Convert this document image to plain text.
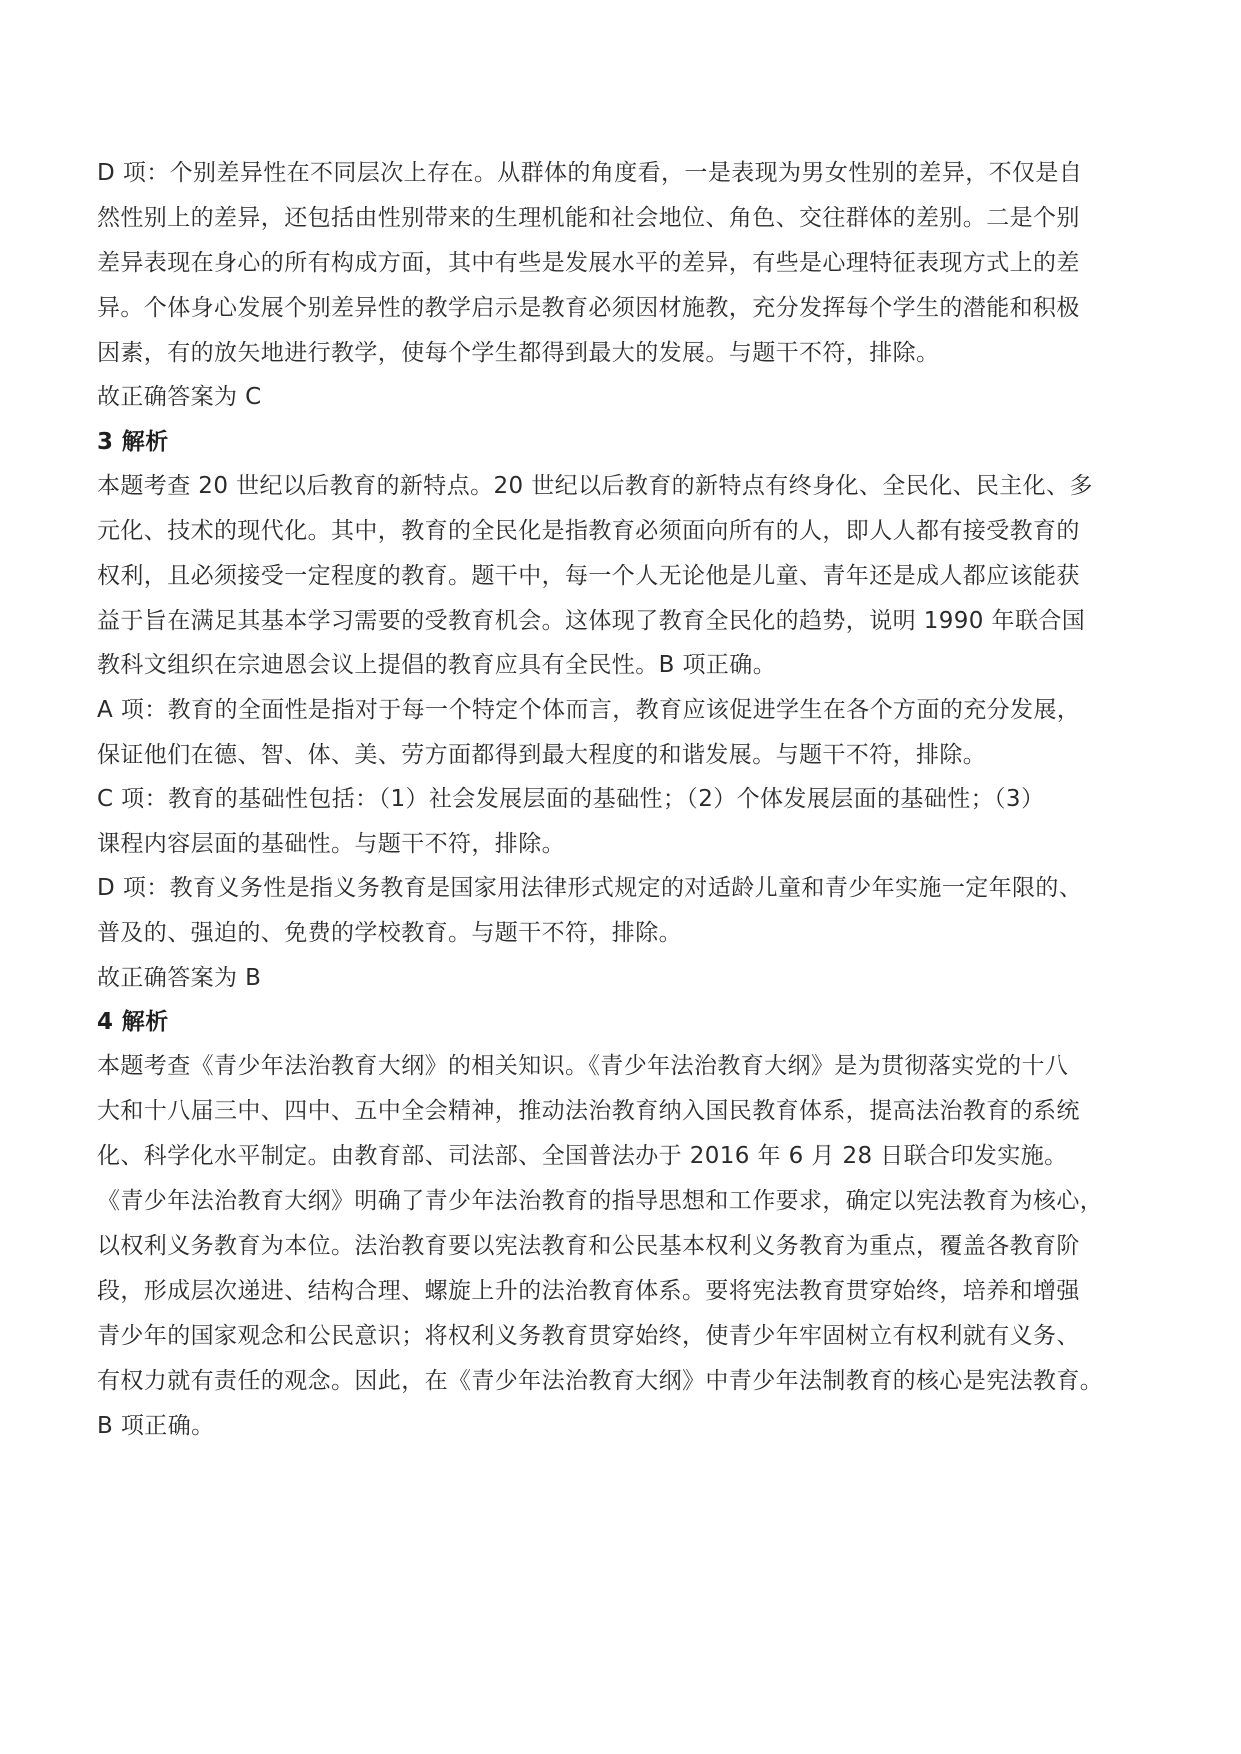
D 项：个别差异性在不同层次上存在。从群体的角度看，一是表现为男女性别的差异，不仅是自
然性别上的差异，还包括由性别带来的生理机能和社会地位、角色、交往群体的差别。二是个别
差异表现在身心的所有构成方面，其中有些是发展水平的差异，有些是心理特征表现方式上的差
异。个体身心发展个别差异性的教学启示是教育必须因材施教，充分发挥每个学生的潜能和积极
因素，有的放矢地进行教学，使每个学生都得到最大的发展。与题干不符，排除。
故正确答案为 C
3 解析
本题考查 20 世纪以后教育的新特点。20 世纪以后教育的新特点有终身化、全民化、民主化、多
元化、技术的现代化。其中，教育的全民化是指教育必须面向所有的人，即人人都有接受教育的
权利，且必须接受一定程度的教育。题干中，每一个人无论他是儿童、青年还是成人都应该能获
益于旨在满足其基本学习需要的受教育机会。这体现了教育全民化的趋势，说明 1990 年联合国
教科文组织在宗迪恩会议上提倡的教育应具有全民性。B 项正确。
A 项：教育的全面性是指对于每一个特定个体而言，教育应该促进学生在各个方面的充分发展，
保证他们在德、智、体、美、劳方面都得到最大程度的和谐发展。与题干不符，排除。
C 项：教育的基础性包括：（1）社会发展层面的基础性；（2）个体发展层面的基础性；（3）
课程内容层面的基础性。与题干不符，排除。
D 项：教育义务性是指义务教育是国家用法律形式规定的对适龄儿童和青少年实施一定年限的、
普及的、强迫的、免费的学校教育。与题干不符，排除。
故正确答案为 B
4 解析
本题考查《青少年法治教育大纲》的相关知识。《青少年法治教育大纲》是为贯彻落实党的十八
大和十八届三中、四中、五中全会精神，推动法治教育纳入国民教育体系，提高法治教育的系统
化、科学化水平制定。由教育部、司法部、全国普法办于 2016 年 6 月 28 日联合印发实施。
《青少年法治教育大纲》明确了青少年法治教育的指导思想和工作要求，确定以宪法教育为核心，
以权利义务教育为本位。法治教育要以宪法教育和公民基本权利义务教育为重点，覆盖各教育阶
段，形成层次递进、结构合理、螺旋上升的法治教育体系。要将宪法教育贯穿始终，培养和增强
青少年的国家观念和公民意识；将权利义务教育贯穿始终，使青少年牢固树立有权利就有义务、
有权力就有责任的观念。因此，在《青少年法治教育大纲》中青少年法制教育的核心是宪法教育。
B 项正确。
